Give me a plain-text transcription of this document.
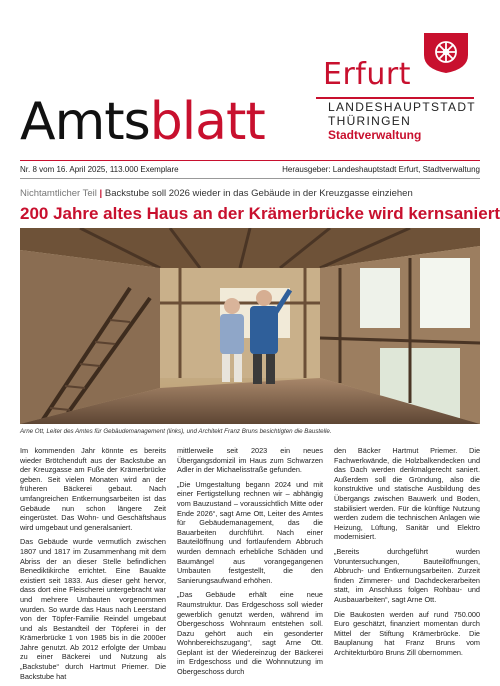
Amtsblatt
Erfurt
LANDESHAUPTSTADT
THÜRINGEN
Stadtverwaltung
Nr. 8 vom 16. April 2025, 113.000 Exemplare	Herausgeber: Landeshauptstadt Erfurt, Stadtverwaltung
Nichtamtlicher Teil | Backstube soll 2026 wieder in das Gebäude in der Kreuzgasse einziehen
200 Jahre altes Haus an der Krämerbrücke wird kernsaniert
Arne Ott, Leiter des Amtes für Gebäudemanagement (links), und Architekt Franz Bruns besichtigten die Baustelle.

Im kommenden Jahr könnte es bereits wieder Brötchenduft aus der Backstube an der Kreuzgasse am Fuße der Krämerbrücke geben. Seit vielen Monaten wird an der früheren Bäckerei gebaut. Nach umfangreichen Entkernungsarbeiten ist das Gebäude nun schon längere Zeit eingerüstet. Das Wohn- und Geschäftshaus wird umgebaut und generalsaniert.

Das Gebäude wurde vermutlich zwischen 1807 und 1817 im Zusammenhang mit dem Abriss der an dieser Stelle befindlichen Benediktikirche errichtet. Eine Bauakte existiert seit 1833. Aus dieser geht hervor, dass dort eine Fleischerei untergebracht war und mehrere Umbauten vorgenommen wurden. So wurde das Haus nach Leerstand von der Töpfer-Familie Reindel umgebaut und als Bestandteil der Töpferei in der Krämerbrücke 1 von 1985 bis in die 2000er Jahre genutzt. Ab 2012 erfolgte der Umbau zu einer Bäckerei und Nutzung als „Backstube“ durch Hartmut Priemer. Die Backstube hat

mittlerweile seit 2023 ein neues Übergangsdomizil im Haus zum Schwarzen Adler in der Michaelisstraße gefunden.

„Die Umgestaltung begann 2024 und mit einer Fertigstellung rechnen wir – abhängig vom Bauzustand – voraussichtlich Mitte oder Ende 2026“, sagt Arne Ott, Leiter des Amtes für Gebäudemanagement, das die Bauarbeiten durchführt. Nach einer Bauteilöffnung und fortlaufendem Abbruch wurden demnach erhebliche Schäden und Baumängel aus vorangegangenen Umbauten festgestellt, die den Sanierungsaufwand erhöhen.

„Das Gebäude erhält eine neue Raumstruktur. Das Erdgeschoss soll wieder gewerblich genutzt werden, während im Obergeschoss Wohnraum entstehen soll. Dazu gehört auch ein gesonderter Wohnbereichszugang“, sagt Arne Ott. Geplant ist der Wiedereinzug der Bäckerei im Erdgeschoss und die Wohnnutzung im Obergeschoss durch

den Bäcker Hartmut Priemer. Die Fachwerkwände, die Holzbalkendecken und das Dach werden denkmalgerecht saniert. Außerdem soll die Gründung, also die konstruktive und statische Ausbildung des Übergangs zwischen Bauwerk und Boden, stabilisiert werden. Für die künftige Nutzung werden zudem die technischen Anlagen wie Heizung, Lüftung, Sanitär und Elektro modernisiert.

„Bereits durchgeführt wurden Voruntersuchungen, Bauteilöffnungen, Abbruch- und Entkernungsarbeiten. Zurzeit finden Zimmerer- und Dachdeckerarbeiten statt, im Anschluss folgen Rohbau- und Ausbauarbeiten“, sagt Arne Ott.

Die Baukosten werden auf rund 750.000 Euro geschätzt, finanziert momentan durch Mittel der Stiftung Krämerbrücke. Die Bauplanung hat Franz Bruns vom Architekturbüro Bruns Zill übernommen.
